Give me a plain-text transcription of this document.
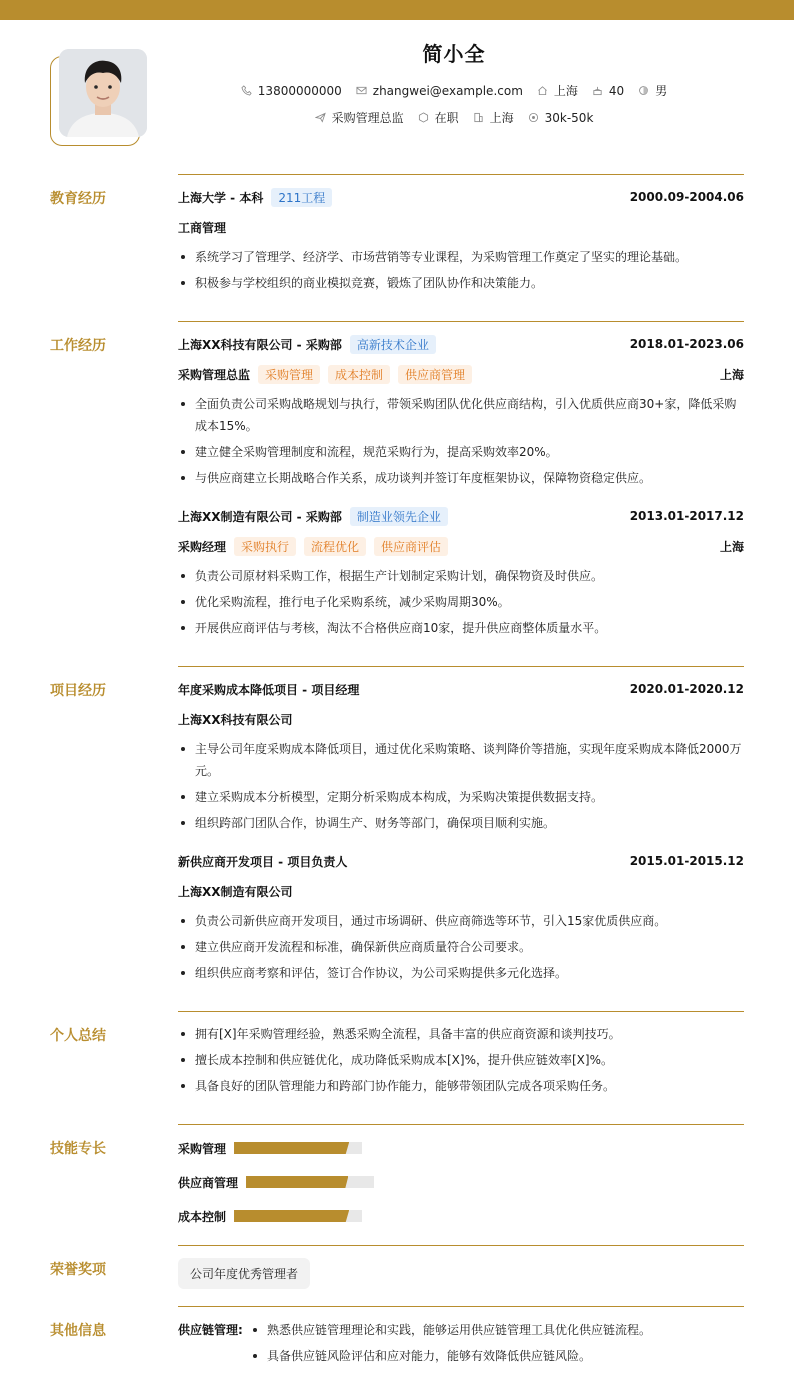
简小全
13800000000	zhangwei@example.com	上海	40	男
采购管理总监	在职	上海	30k-50k
教育经历	上海大学 - 本科	211工程	2000.09-2004.06
工商管理
系统学习了管理学、经济学、市场营销等专业课程，为采购管理工作奠定了坚实的理论基础。
积极参与学校组织的商业模拟竞赛，锻炼了团队协作和决策能力。
工作经历	上海XX科技有限公司 - 采购部	高新技术企业	2018.01-2023.06
采购管理总监	采购管理	成本控制	供应商管理	上海
全面负责公司采购战略规划与执行，带领采购团队优化供应商结构，引入优质供应商30+家，降低采购成本15%。
建立健全采购管理制度和流程，规范采购行为，提高采购效率20%。
与供应商建立长期战略合作关系，成功谈判并签订年度框架协议，保障物资稳定供应。
上海XX制造有限公司 - 采购部	制造业领先企业	2013.01-2017.12
采购经理	采购执行	流程优化	供应商评估	上海
负责公司原材料采购工作，根据生产计划制定采购计划，确保物资及时供应。
优化采购流程，推行电子化采购系统，减少采购周期30%。
开展供应商评估与考核，淘汰不合格供应商10家，提升供应商整体质量水平。
项目经历	年度采购成本降低项目 - 项目经理	2020.01-2020.12
上海XX科技有限公司
主导公司年度采购成本降低项目，通过优化采购策略、谈判降价等措施，实现年度采购成本降低2000万元。
建立采购成本分析模型，定期分析采购成本构成，为采购决策提供数据支持。
组织跨部门团队合作，协调生产、财务等部门，确保项目顺利实施。
新供应商开发项目 - 项目负责人	2015.01-2015.12
上海XX制造有限公司
负责公司新供应商开发项目，通过市场调研、供应商筛选等环节，引入15家优质供应商。
建立供应商开发流程和标准，确保新供应商质量符合公司要求。
组织供应商考察和评估，签订合作协议，为公司采购提供多元化选择。
个人总结	拥有[X]年采购管理经验，熟悉采购全流程，具备丰富的供应商资源和谈判技巧。
擅长成本控制和供应链优化，成功降低采购成本[X]%，提升供应链效率[X]%。
具备良好的团队管理能力和跨部门协作能力，能够带领团队完成各项采购任务。
技能专长	采购管理
供应商管理
成本控制
荣誉奖项	公司年度优秀管理者
其他信息	供应链管理:	熟悉供应链管理理论和实践，能够运用供应链管理工具优化供应链流程。
具备供应链风险评估和应对能力，能够有效降低供应链风险。
